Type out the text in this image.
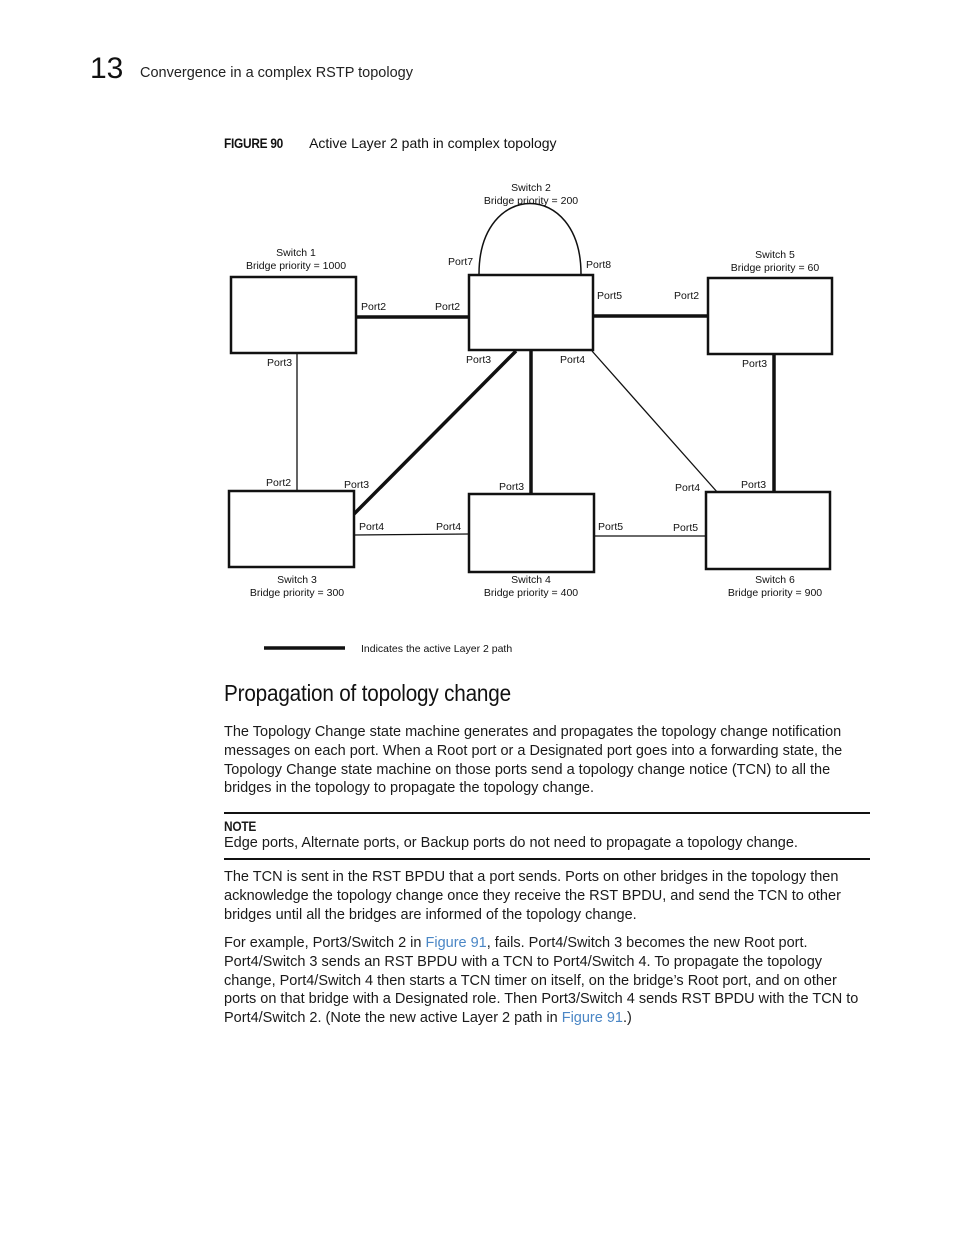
13 Convergence in a complex RSTP topology
FIGURE 90 Active Layer 2 path in complex topology
Switch 1
Bridge priority = 1000
Switch 2
Bridge priority = 200
Switch 5
Bridge priority = 60
Switch 3
Bridge priority = 300
Switch 4
Bridge priority = 400
Switch 6
Bridge priority = 900
Port2	Port2
Port7	Port8
Port5	Port2
Port3	Port3	Port4	Port3
Port2	Port3	Port3	Port4	Port3
Port4	Port4	Port5	Port5
Indicates the active Layer 2 path
Propagation of topology change

The Topology Change state machine generates and propagates the topology change notification messages on each port. When a Root port or a Designated port goes into a forwarding state, the Topology Change state machine on those ports send a topology change notice (TCN) to all the bridges in the topology to propagate the topology change.

NOTE
Edge ports, Alternate ports, or Backup ports do not need to propagate a topology change.

The TCN is sent in the RST BPDU that a port sends. Ports on other bridges in the topology then acknowledge the topology change once they receive the RST BPDU, and send the TCN to other bridges until all the bridges are informed of the topology change.

For example, Port3/Switch 2 in Figure 91, fails. Port4/Switch 3 becomes the new Root port. Port4/Switch 3 sends an RST BPDU with a TCN to Port4/Switch 4. To propagate the topology change, Port4/Switch 4 then starts a TCN timer on itself, on the bridge’s Root port, and on other ports on that bridge with a Designated role. Then Port3/Switch 4 sends RST BPDU with the TCN to Port4/Switch 2. (Note the new active Layer 2 path in Figure 91.)
